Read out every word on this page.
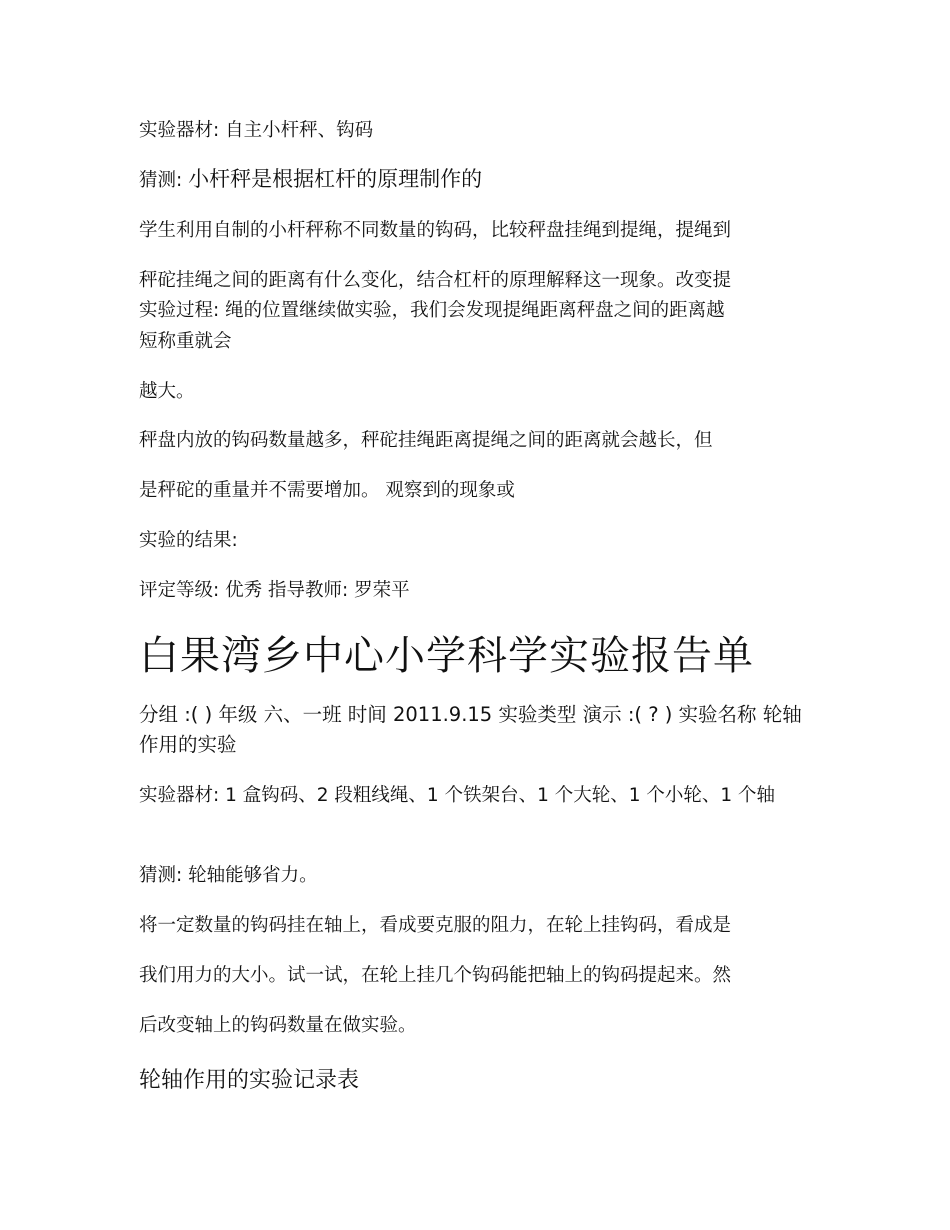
实验器材: 自主小杆秤、钩码

猜测: 小杆秤是根据杠杆的原理制作的

学生利用自制的小杆秤称不同数量的钩码，比较秤盘挂绳到提绳，提绳到

秤砣挂绳之间的距离有什么变化，结合杠杆的原理解释这一现象。改变提

实验过程: 绳的位置继续做实验，我们会发现提绳距离秤盘之间的距离越

短称重就会

越大。

秤盘内放的钩码数量越多，秤砣挂绳距离提绳之间的距离就会越长，但

是秤砣的重量并不需要增加。 观察到的现象或

实验的结果:

评定等级: 优秀 指导教师: 罗荣平

白果湾乡中心小学科学实验报告单

分组 :( ) 年级 六、一班 时间 2011.9.15 实验类型 演示 :( ? ) 实验名称 轮轴作用的实验

实验器材: 1 盒钩码、2 段粗线绳、1 个铁架台、1 个大轮、1 个小轮、1 个轴

猜测: 轮轴能够省力。

将一定数量的钩码挂在轴上，看成要克服的阻力，在轮上挂钩码，看成是

我们用力的大小。试一试，在轮上挂几个钩码能把轴上的钩码提起来。然

后改变轴上的钩码数量在做实验。

轮轴作用的实验记录表
